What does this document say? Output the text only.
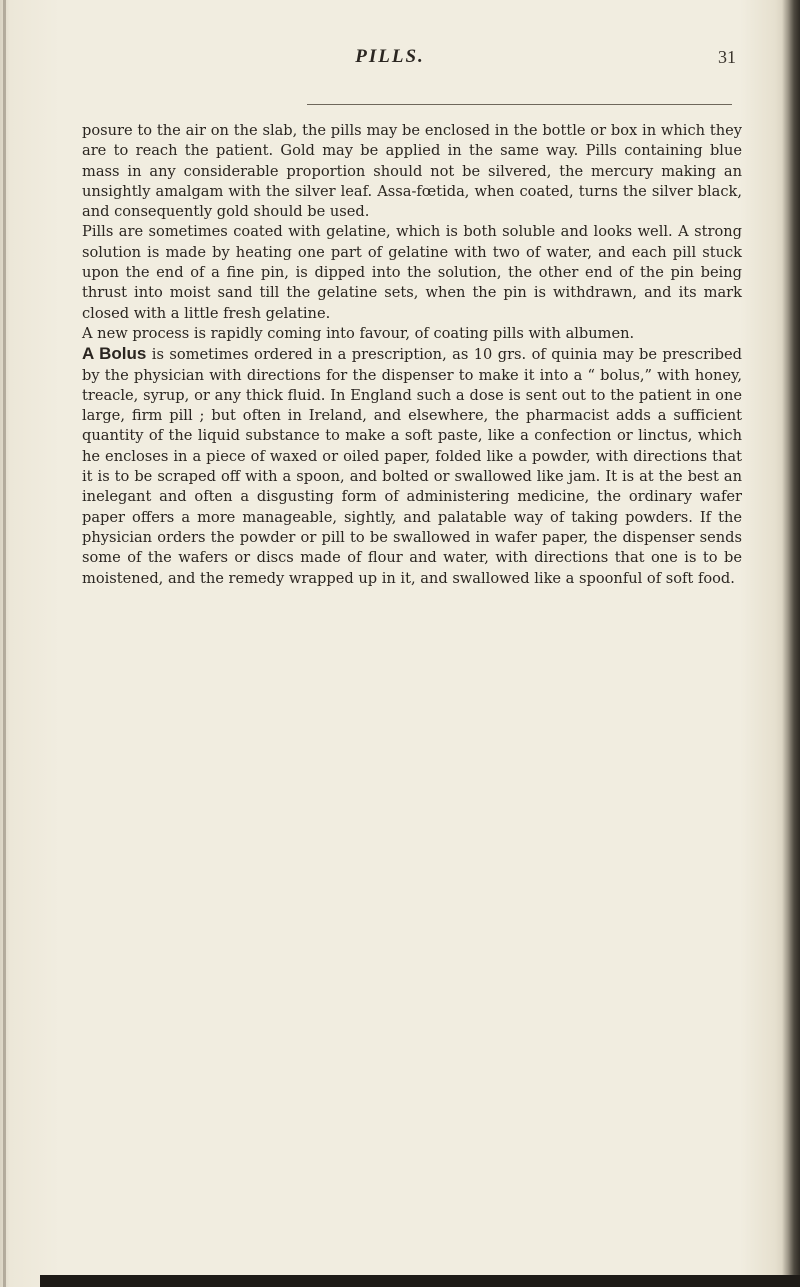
PILLS.	31

posure to the air on the slab, the pills may be enclosed in the bottle or box in which they are to reach the patient. Gold may be applied in the same way. Pills containing blue mass in any considerable proportion should not be silvered, the mercury making an unsightly amalgam with the silver leaf. Assa-fœtida, when coated, turns the silver black, and consequently gold should be used.

Pills are sometimes coated with gelatine, which is both soluble and looks well. A strong solution is made by heating one part of gelatine with two of water, and each pill stuck upon the end of a fine pin, is dipped into the solution, the other end of the pin being thrust into moist sand till the gelatine sets, when the pin is withdrawn, and its mark closed with a little fresh gelatine.

A new process is rapidly coming into favour, of coating pills with albumen.

A Bolus is sometimes ordered in a prescription, as 10 grs. of quinia may be prescribed by the physician with directions for the dispenser to make it into a “ bolus,” with honey, treacle, syrup, or any thick fluid. In England such a dose is sent out to the patient in one large, firm pill ; but often in Ireland, and elsewhere, the pharmacist adds a sufficient quantity of the liquid substance to make a soft paste, like a confection or linctus, which he encloses in a piece of waxed or oiled paper, folded like a powder, with directions that it is to be scraped off with a spoon, and bolted or swallowed like jam. It is at the best an inelegant and often a disgusting form of administering medicine, the ordinary wafer paper offers a more manageable, sightly, and palatable way of taking powders. If the physician orders the powder or pill to be swallowed in wafer paper, the dispenser sends some of the wafers or discs made of flour and water, with directions that one is to be moistened, and the remedy wrapped up in it, and swallowed like a spoonful of soft food.
